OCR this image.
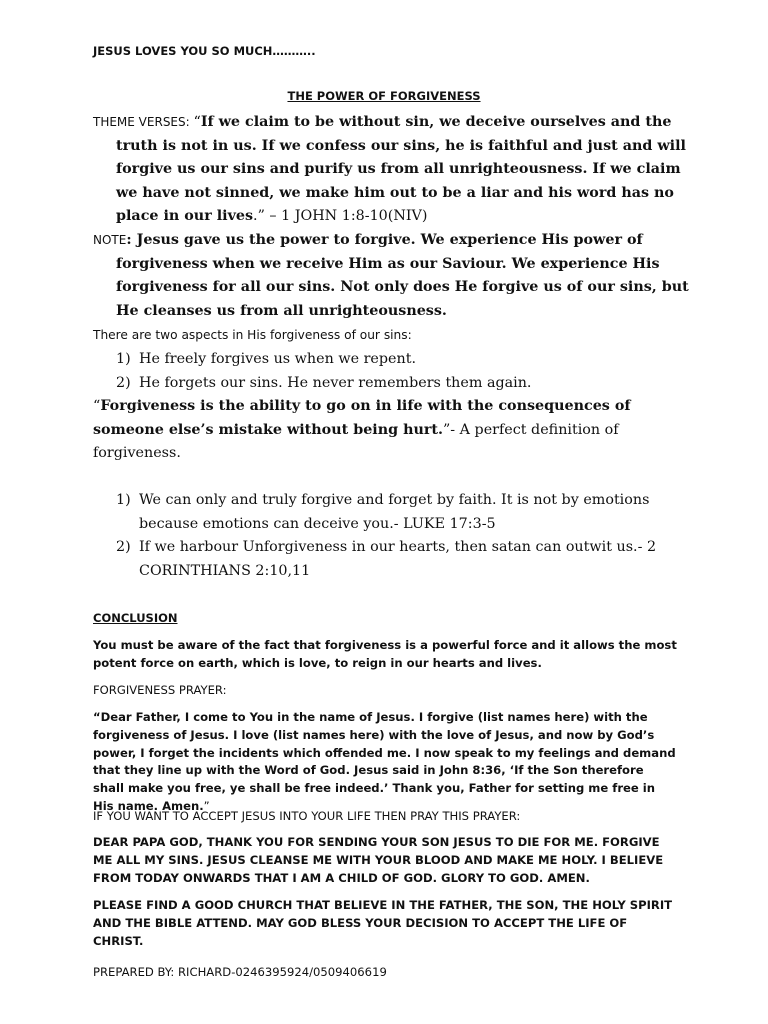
JESUS LOVES YOU SO MUCH………..
THE POWER OF FORGIVENESS
THEME VERSES: “If we claim to be without sin, we deceive ourselves and the truth is not in us. If we confess our sins, he is faithful and just and will forgive us our sins and purify us from all unrighteousness. If we claim we have not sinned, we make him out to be a liar and his word has no place in our lives.” – 1 JOHN 1:8-10(NIV)
NOTE: Jesus gave us the power to forgive. We experience His power of forgiveness when we receive Him as our Saviour. We experience His forgiveness for all our sins. Not only does He forgive us of our sins, but He cleanses us from all unrighteousness.
There are two aspects in His forgiveness of our sins:
1) He freely forgives us when we repent.
2) He forgets our sins. He never remembers them again.
“Forgiveness is the ability to go on in life with the consequences of someone else’s mistake without being hurt.”- A perfect definition of forgiveness.
1) We can only and truly forgive and forget by faith. It is not by emotions because emotions can deceive you.- LUKE 17:3-5
2) If we harbour Unforgiveness in our hearts, then satan can outwit us.- 2 CORINTHIANS 2:10,11
CONCLUSION
You must be aware of the fact that forgiveness is a powerful force and it allows the most potent force on earth, which is love, to reign in our hearts and lives.
FORGIVENESS PRAYER:
“Dear Father, I come to You in the name of Jesus. I forgive (list names here) with the forgiveness of Jesus. I love (list names here) with the love of Jesus, and now by God’s power, I forget the incidents which offended me. I now speak to my feelings and demand that they line up with the Word of God. Jesus said in John 8:36, ‘If the Son therefore shall make you free, ye shall be free indeed.’ Thank you, Father for setting me free in His name. Amen.”
IF YOU WANT TO ACCEPT JESUS INTO YOUR LIFE THEN PRAY THIS PRAYER:
DEAR PAPA GOD, THANK YOU FOR SENDING YOUR SON JESUS TO DIE FOR ME. FORGIVE ME ALL MY SINS. JESUS CLEANSE ME WITH YOUR BLOOD AND MAKE ME HOLY. I BELIEVE FROM TODAY ONWARDS THAT I AM A CHILD OF GOD. GLORY TO GOD. AMEN.
PLEASE FIND A GOOD CHURCH THAT BELIEVE IN THE FATHER, THE SON, THE HOLY SPIRIT AND THE BIBLE ATTEND. MAY GOD BLESS YOUR DECISION TO ACCEPT THE LIFE OF CHRIST.
PREPARED BY: RICHARD-0246395924/0509406619
